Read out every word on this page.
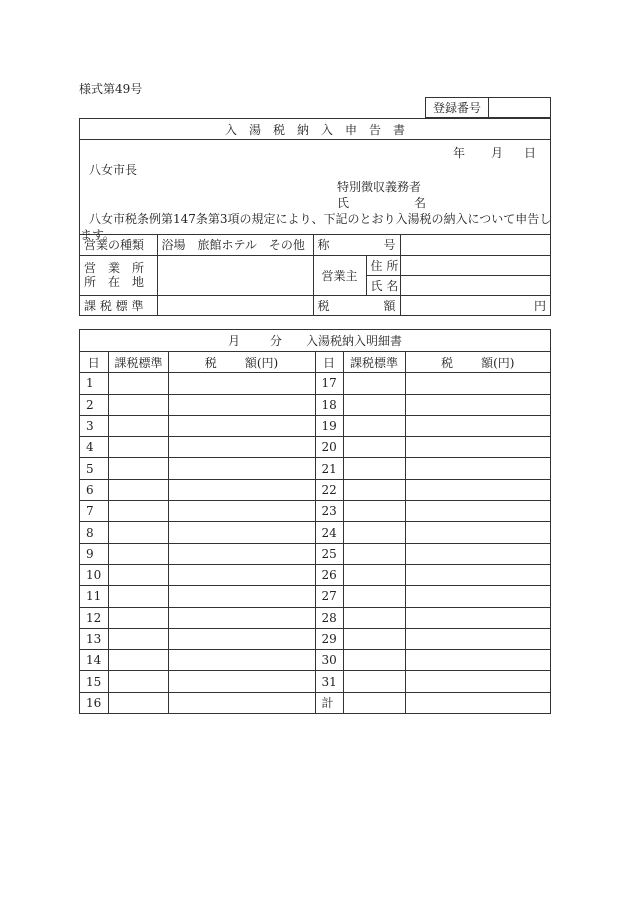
様式第49号
登録番号
入　湯　税　納　入　申　告　書
年 月 日
八女市長
特別徴収義務者
氏	名
八女市税条例第147条第3項の規定により、下記のとおり入湯税の納入について申告し
ます。
営業の種類	浴場　旅館ホテル　その他	称 号		

営　業　所
所　在　地		営業主	住 所	
			氏 名	
課 税 標 準		税 額		円
月	分 入湯税納入明細書
日	課税標準	税 額(円)	日	課税標準	税 額(円)
1			17		
2			18		
3			19		
4			20		
5			21		
6			22		
7			23		
8			24		
9			25		
10			26		
11			27		
12			28		
13			29		
14			30		
15			31		
16			計		
